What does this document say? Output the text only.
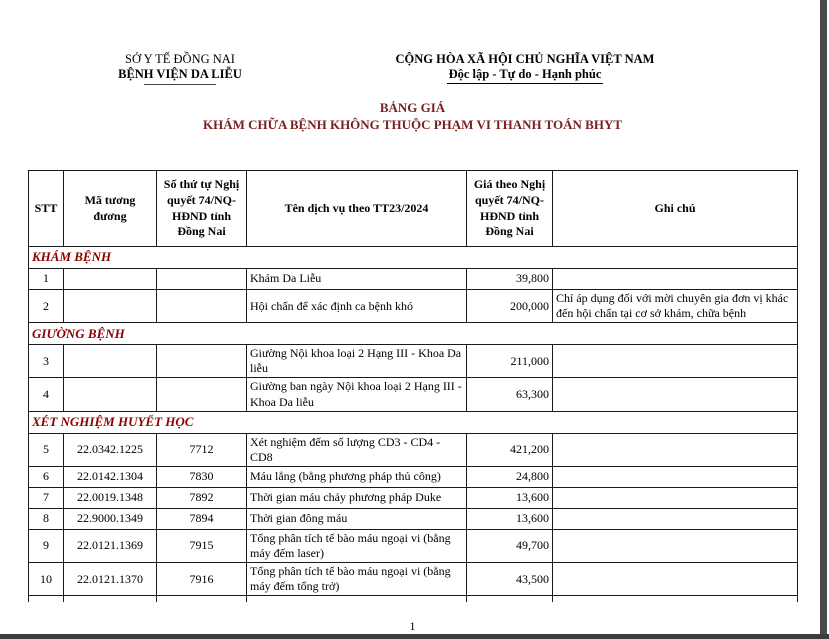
SỞ Y TẾ ĐỒNG NAI
BỆNH VIỆN DA LIỄU
CỘNG HÒA XÃ HỘI CHỦ NGHĨA VIỆT NAM
Độc lập - Tự do - Hạnh phúc
BẢNG GIÁ
KHÁM CHỮA BỆNH KHÔNG THUỘC PHẠM VI THANH TOÁN BHYT
STT	Mã tương đương	Số thứ tự Nghị quyết 74/NQ-HĐND tỉnh Đồng Nai	Tên dịch vụ theo TT23/2024	Giá theo Nghị quyết 74/NQ-HĐND tỉnh Đồng Nai	Ghi chú
KHÁM BỆNH					
1			Khám Da Liễu	39,800	
2			Hội chẩn để xác định ca bệnh khó	200,000	Chỉ áp dụng đối với mời chuyên gia đơn vị khác đến hội chẩn tại cơ sở khám, chữa bệnh
GIƯỜNG BỆNH					
3			Giường Nội khoa loại 2 Hạng III - Khoa Da liễu	211,000	
4			Giường ban ngày Nội khoa loại 2 Hạng III - Khoa Da liễu	63,300	
XÉT NGHIỆM HUYẾT HỌC					
5	22.0342.1225	7712	Xét nghiệm đếm số lượng CD3 - CD4 - CD8	421,200	
6	22.0142.1304	7830	Máu lắng (bằng phương pháp thủ công)	24,800	
7	22.0019.1348	7892	Thời gian máu chảy phương pháp Duke	13,600	
8	22.9000.1349	7894	Thời gian đông máu	13,600	
9	22.0121.1369	7915	Tổng phân tích tế bào máu ngoại vi (bằng máy đếm laser)	49,700	
10	22.0121.1370	7916	Tổng phân tích tế bào máu ngoại vi (bằng máy đếm tổng trở)	43,500	
1
